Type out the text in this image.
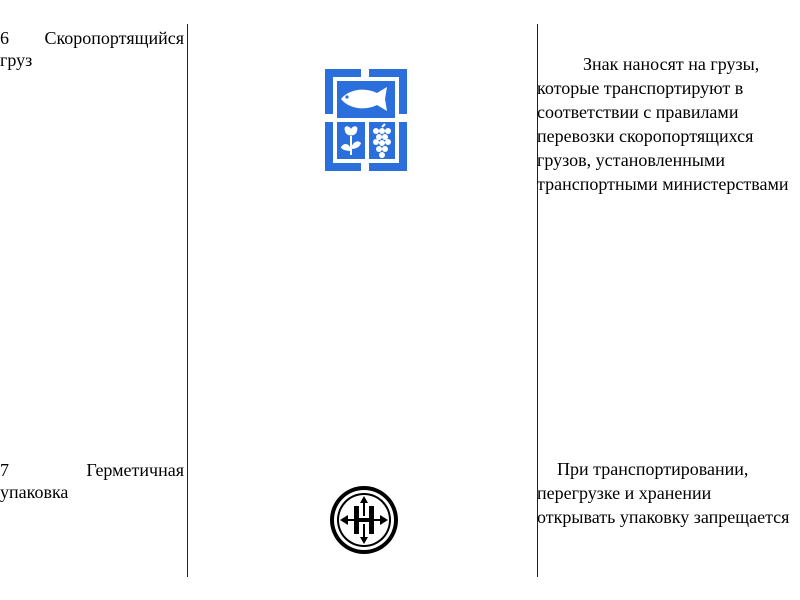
6 Скоропортящийся груз	Знак наносят на грузы, которые транспортируют в соответствии с правилами перевозки скоропортящихся грузов, установленными транспортными министерствами
7	Герметичная
упаковка
При транспортировании, перегрузке и хранении открывать упаковку запрещается
